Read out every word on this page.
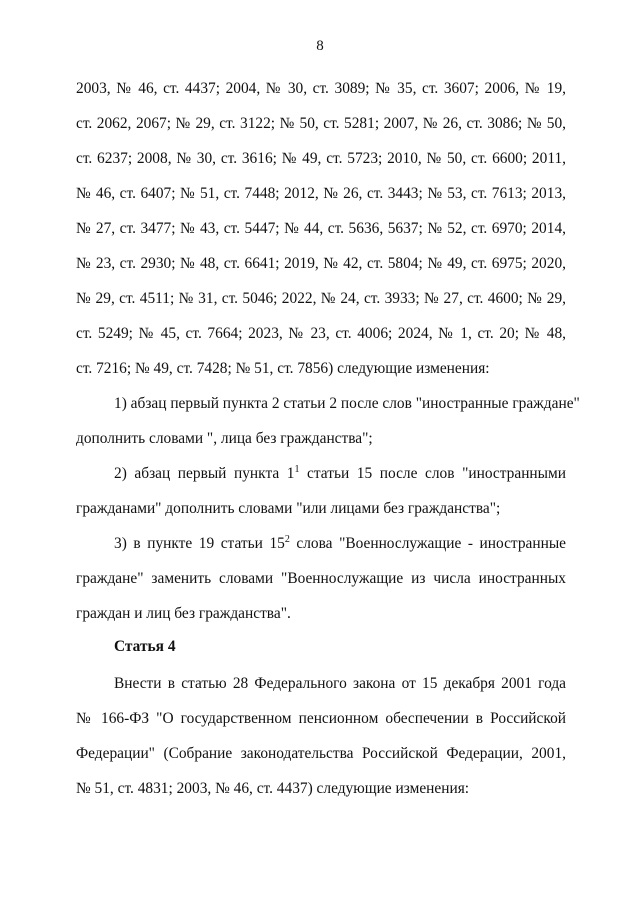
8
2003, № 46, ст. 4437; 2004, № 30, ст. 3089; № 35, ст. 3607; 2006, № 19,
ст. 2062, 2067; № 29, ст. 3122; № 50, ст. 5281; 2007, № 26, ст. 3086; № 50,
ст. 6237; 2008, № 30, ст. 3616; № 49, ст. 5723; 2010, № 50, ст. 6600; 2011,
№ 46, ст. 6407; № 51, ст. 7448; 2012, № 26, ст. 3443; № 53, ст. 7613; 2013,
№ 27, ст. 3477; № 43, ст. 5447; № 44, ст. 5636, 5637; № 52, ст. 6970; 2014,
№ 23, ст. 2930; № 48, ст. 6641; 2019, № 42, ст. 5804; № 49, ст. 6975; 2020,
№ 29, ст. 4511; № 31, ст. 5046; 2022, № 24, ст. 3933; № 27, ст. 4600; № 29,
ст. 5249; № 45, ст. 7664; 2023, № 23, ст. 4006; 2024, № 1, ст. 20; № 48,
ст. 7216; № 49, ст. 7428; № 51, ст. 7856) следующие изменения:
1) абзац первый пункта 2 статьи 2 после слов "иностранные граждане"
дополнить словами ", лица без гражданства";
2) абзац первый пункта $1^1$ статьи 15 после слов "иностранными
гражданами" дополнить словами "или лицами без гражданства";
3) в пункте 19 статьи $15^2$ слова "Военнослужащие - иностранные
граждане" заменить словами "Военнослужащие из числа иностранных
граждан и лиц без гражданства".
Статья 4
Внести в статью 28 Федерального закона от 15 декабря 2001 года
№ 166-ФЗ "О государственном пенсионном обеспечении в Российской
Федерации" (Собрание законодательства Российской Федерации, 2001,
№ 51, ст. 4831; 2003, № 46, ст. 4437) следующие изменения:
